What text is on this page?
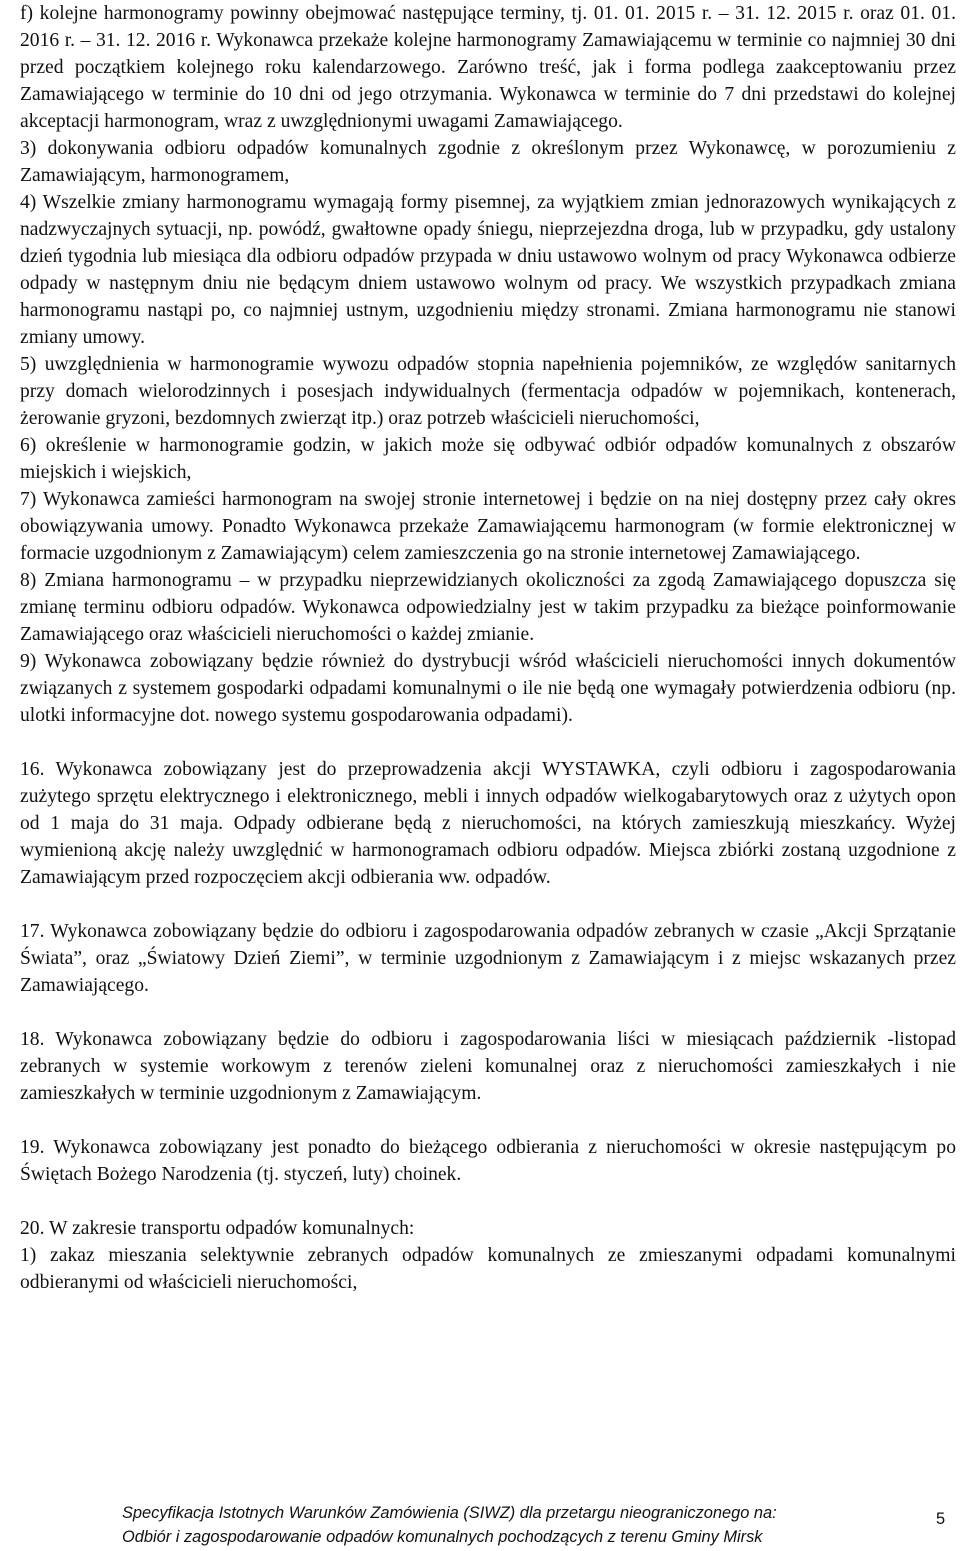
f) kolejne harmonogramy powinny obejmować następujące terminy, tj. 01. 01. 2015 r. – 31. 12. 2015 r. oraz 01. 01. 2016 r. – 31. 12. 2016 r. Wykonawca przekaże kolejne harmonogramy Zamawiającemu w terminie co najmniej 30 dni przed początkiem kolejnego roku kalendarzowego. Zarówno treść, jak i forma podlega zaakceptowaniu przez Zamawiającego w terminie do 10 dni od jego otrzymania. Wykonawca w terminie do 7 dni przedstawi do kolejnej akceptacji harmonogram, wraz z uwzględnionymi uwagami Zamawiającego.

3) dokonywania odbioru odpadów komunalnych zgodnie z określonym przez Wykonawcę, w porozumieniu z Zamawiającym, harmonogramem,

4) Wszelkie zmiany harmonogramu wymagają formy pisemnej, za wyjątkiem zmian jednorazowych wynikających z nadzwyczajnych sytuacji, np. powódź, gwałtowne opady śniegu, nieprzejezdna droga, lub w przypadku, gdy ustalony dzień tygodnia lub miesiąca dla odbioru odpadów przypada w dniu ustawowo wolnym od pracy Wykonawca odbierze odpady w następnym dniu nie będącym dniem ustawowo wolnym od pracy. We wszystkich przypadkach zmiana harmonogramu nastąpi po, co najmniej ustnym, uzgodnieniu między stronami. Zmiana harmonogramu nie stanowi zmiany umowy.

5) uwzględnienia w harmonogramie wywozu odpadów stopnia napełnienia pojemników, ze względów sanitarnych przy domach wielorodzinnych i posesjach indywidualnych (fermentacja odpadów w pojemnikach, kontenerach, żerowanie gryzoni, bezdomnych zwierząt itp.) oraz potrzeb właścicieli nieruchomości,

6) określenie w harmonogramie godzin, w jakich może się odbywać odbiór odpadów komunalnych z obszarów miejskich i wiejskich,

7) Wykonawca zamieści harmonogram na swojej stronie internetowej i będzie on na niej dostępny przez cały okres obowiązywania umowy. Ponadto Wykonawca przekaże Zamawiającemu harmonogram (w formie elektronicznej w formacie uzgodnionym z Zamawiającym) celem zamieszczenia go na stronie internetowej Zamawiającego.

8) Zmiana harmonogramu – w przypadku nieprzewidzianych okoliczności za zgodą Zamawiającego dopuszcza się zmianę terminu odbioru odpadów. Wykonawca odpowiedzialny jest w takim przypadku za bieżące poinformowanie Zamawiającego oraz właścicieli nieruchomości o każdej zmianie.

9) Wykonawca zobowiązany będzie również do dystrybucji wśród właścicieli nieruchomości innych dokumentów związanych z systemem gospodarki odpadami komunalnymi o ile nie będą one wymagały potwierdzenia odbioru (np. ulotki informacyjne dot. nowego systemu gospodarowania odpadami).

16. Wykonawca zobowiązany jest do przeprowadzenia akcji WYSTAWKA, czyli odbioru i zagospodarowania zużytego sprzętu elektrycznego i elektronicznego, mebli i innych odpadów wielkogabarytowych oraz z użytych opon od 1 maja do 31 maja. Odpady odbierane będą z nieruchomości, na których zamieszkują mieszkańcy. Wyżej wymienioną akcję należy uwzględnić w harmonogramach odbioru odpadów. Miejsca zbiórki zostaną uzgodnione z Zamawiającym przed rozpoczęciem akcji odbierania ww. odpadów.

17. Wykonawca zobowiązany będzie do odbioru i zagospodarowania odpadów zebranych w czasie „Akcji Sprzątanie Świata”, oraz „Światowy Dzień Ziemi”, w terminie uzgodnionym z Zamawiającym i z miejsc wskazanych przez Zamawiającego.

18. Wykonawca zobowiązany będzie do odbioru i zagospodarowania liści w miesiącach październik -listopad zebranych w systemie workowym z terenów zieleni komunalnej oraz z nieruchomości zamieszkałych i nie zamieszkałych w terminie uzgodnionym z Zamawiającym.

19. Wykonawca zobowiązany jest ponadto do bieżącego odbierania z nieruchomości w okresie następującym po Świętach Bożego Narodzenia (tj. styczeń, luty) choinek.

20. W zakresie transportu odpadów komunalnych:

1) zakaz mieszania selektywnie zebranych odpadów komunalnych ze zmieszanymi odpadami komunalnymi odbieranymi od właścicieli nieruchomości,

Specyfikacja Istotnych Warunków Zamówienia (SIWZ) dla przetargu nieograniczonego na:
Odbiór i zagospodarowanie odpadów komunalnych pochodzących z terenu Gminy Mirsk
5
